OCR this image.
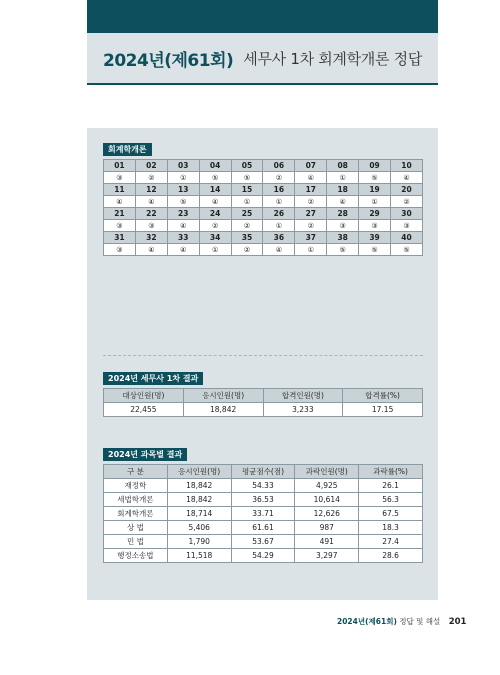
2024년(제61회) 세무사 1차 회계학개론 정답
회계학개론
01	02	03	04	05	06	07	08	09	10
③	②	①	⑤	⑤	②	④	①	⑤	④
11	12	13	14	15	16	17	18	19	20
④	④	⑤	④	①	①	②	④	①	②
21	22	23	24	25	26	27	28	29	30
③	③	④	②	②	①	②	③	③	③
31	32	33	34	35	36	37	38	39	40
③	④	④	①	②	④	①	⑤	⑤	⑤
2024년 세무사 1차 결과
대상인원(명)	응시인원(명)	합격인원(명)	합격률(%)
22,455	18,842	3,233	17.15
2024년 과목별 결과
구 분	응시인원(명)	평균점수(점)	과락인원(명)	과락률(%)
재정학	18,842	54.33	4,925	26.1
세법학개론	18,842	36.53	10,614	56.3
회계학개론	18,714	33.71	12,626	67.5
상 법	5,406	61.61	987	18.3
민 법	1,790	53.67	491	27.4
행정소송법	11,518	54.29	3,297	28.6
2024년(제61회) 정답 및 해설 201
